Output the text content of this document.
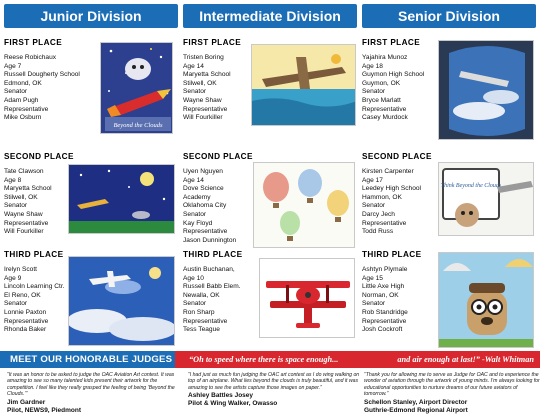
Junior Division
FIRST PLACE
Reese Robichaux
Age 7
Russell Dougherty School
Edmond, OK
Senator
Adam Pugh
Representative
Mike Osburn
Beyond the Clouds
SECOND PLACE
Tate Clawson
Age 8
Maryetta School
Stilwell, OK
Senator
Wayne Shaw
Representative
Will Fourkiller
THIRD PLACE
Irelyn Scott
Age 9
Lincoln Learning Ctr.
El Reno, OK
Senator
Lonnie Paxton
Representative
Rhonda Baker
Intermediate Division
FIRST PLACE
Tristen Boring
Age 14
Maryetta School
Stilwell, OK
Senator
Wayne Shaw
Representative
Will Fourkiller
SECOND PLACE
Uyen Nguyen
Age 14
Dove Science
Academy
Oklahoma City
Senator
Kay Floyd
Representative
Jason Dunnington
THIRD PLACE
Austin Buchanan,
Age 10
Russell Babb Elem.
Newalla, OK
Senator
Ron Sharp
Representative
Tess Teague
Senior Division
FIRST PLACE
Yajahira Munoz
Age 18
Guymon High School
Guymon, OK
Senator
Bryce Marlatt
Representative
Casey Murdock
SECOND PLACE
Kirsten Carpenter
Age 17
Leedey High School
Hammon, OK
Senator
Darcy Jech
Representative
Todd Russ
Think Beyond the Clouds
THIRD PLACE
Ashtyn Plymale
Age 15
Little Axe High
Norman, OK
Senator
Rob Standridge
Representative
Josh Cockroft
MEET OUR HONORABLE JUDGES	“Oh to speed where there is space enough...	and air enough at last!” -Walt Whitman
“It was an honor to be asked to judge the OAC Aviation Art contest. It was amazing to see so many talented kids present their artwork for the competition. I feel like they really grasped the feeling of being ‘Beyond the Clouds.’”
Jim Gardner
Pilot, NEWS9, Piedmont
“I had just as much fun judging the OAC art contest as I do wing walking on top of an airplane. What lies beyond the clouds is truly beautiful, and it was amazing to see the artists capture those images on paper.”
Ashley Battles Josey
Pilot & Wing Walker, Owasso
“Thank you for allowing me to serve as Judge for OAC and to experience the wonder of aviation through the artwork of young minds. I’m always looking for educational opportunities to nurture dreams of our future aviators of tomorrow.”
Schellon Stanley, Airport Director
Guthrie-Edmond Regional Airport
